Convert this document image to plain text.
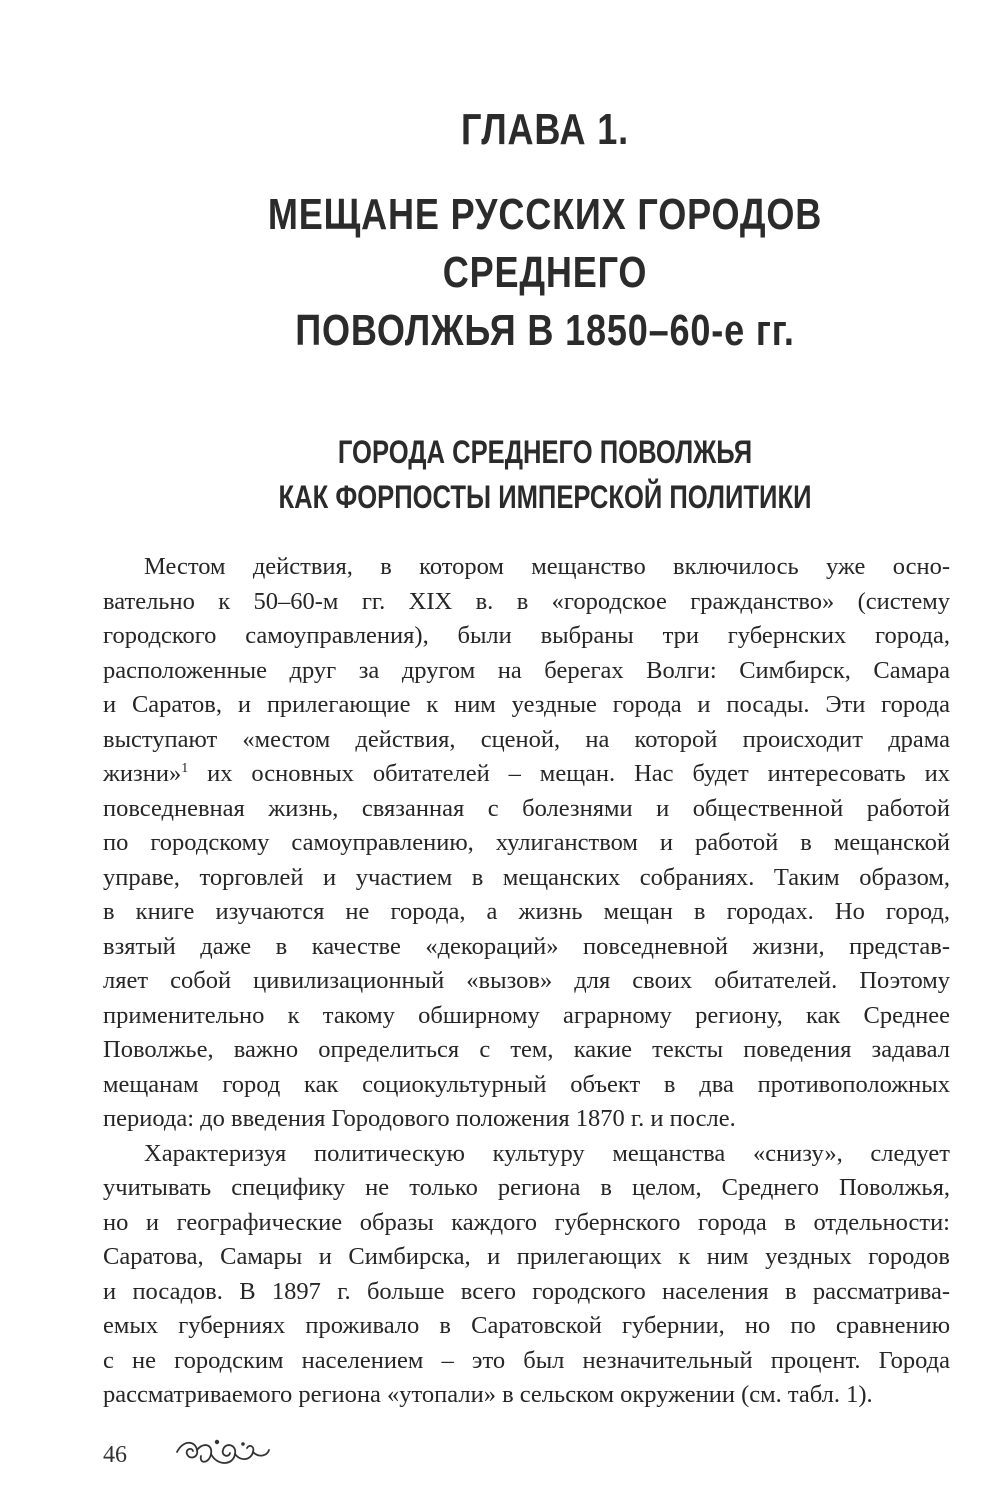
ГЛАВА 1.
МЕЩАНЕ РУССКИХ ГОРОДОВ СРЕДНЕГО
ПОВОЛЖЬЯ В 1850–60-е гг.
ГОРОДА СРЕДНЕГО ПОВОЛЖЬЯ
КАК ФОРПОСТЫ ИМПЕРСКОЙ ПОЛИТИКИ
Местом действия, в котором мещанство включилось уже осно-
вательно к 50–60-м гг. XIX в. в «городское гражданство» (систему
городского самоуправления), были выбраны три губернских города,
расположенные друг за другом на берегах Волги: Симбирск, Самара
и Саратов, и прилегающие к ним уездные города и посады. Эти города
выступают «местом действия, сценой, на которой происходит драма
жизни»$^1$ их основных обитателей – мещан. Нас будет интересовать их
повседневная жизнь, связанная с болезнями и общественной работой
по городскому самоуправлению, хулиганством и работой в мещанской
управе, торговлей и участием в мещанских собраниях. Таким образом,
в книге изучаются не города, а жизнь мещан в городах. Но город,
взятый даже в качестве «декораций» повседневной жизни, представ-
ляет собой цивилизационный «вызов» для своих обитателей. Поэтому
применительно к такому обширному аграрному региону, как Среднее
Поволжье, важно определиться с тем, какие тексты поведения задавал
мещанам город как социокультурный объект в два противоположных
периода: до введения Городового положения 1870 г. и после.
Характеризуя политическую культуру мещанства «снизу», следует
учитывать специфику не только региона в целом, Среднего Поволжья,
но и географические образы каждого губернского города в отдельности:
Саратова, Самары и Симбирска, и прилегающих к ним уездных городов
и посадов. В 1897 г. больше всего городского населения в рассматрива-
емых губерниях проживало в Саратовской губернии, но по сравнению
с не городским населением – это был незначительный процент. Города
рассматриваемого региона «утопали» в сельском окружении (см. табл. 1).
46
